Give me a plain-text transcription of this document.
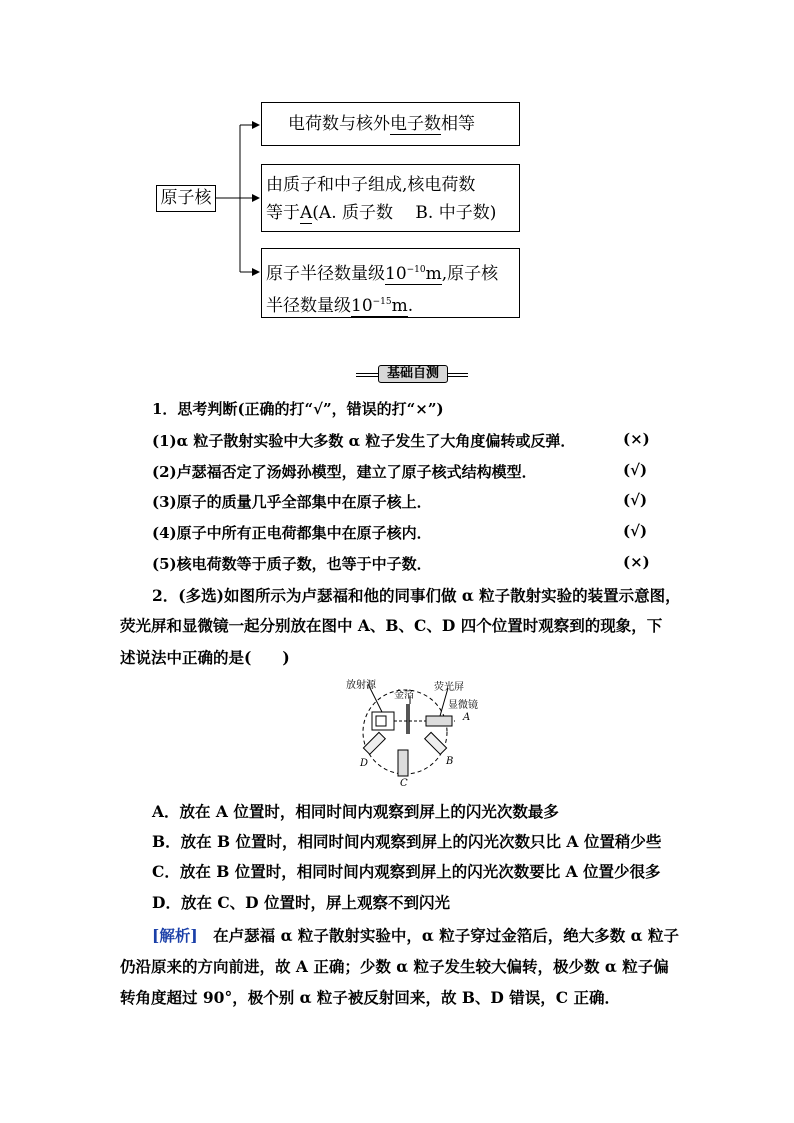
原子核
电荷数与核外电子数相等
由质子和中子组成,核电荷数
等于A(A. 质子数　 B. 中子数)
原子半径数量级$10^{-10}m$,原子核
半径数量级$10^{-15}m$.
基础自测
1．思考判断(正确的打“√”，错误的打“×”)
(1)α 粒子散射实验中大多数 α 粒子发生了大角度偏转或反弹．	(×)
(2)卢瑟福否定了汤姆孙模型，建立了原子核式结构模型．	(√)
(3)原子的质量几乎全部集中在原子核上．	(√)
(4)原子中所有正电荷都集中在原子核内．	(√)
(5)核电荷数等于质子数，也等于中子数．	(×)
2．(多选)如图所示为卢瑟福和他的同事们做 α 粒子散射实验的装置示意图，
荧光屏和显微镜一起分别放在图中 A、B、C、D 四个位置时观察到的现象，下
述说法中正确的是(　　)
放射源
金箔
荧光屏
显微镜
A
B
C
D
A．放在 A 位置时，相同时间内观察到屏上的闪光次数最多
B．放在 B 位置时，相同时间内观察到屏上的闪光次数只比 A 位置稍少些
C．放在 B 位置时，相同时间内观察到屏上的闪光次数要比 A 位置少很多
D．放在 C、D 位置时，屏上观察不到闪光
[解析]　在卢瑟福 α 粒子散射实验中，α 粒子穿过金箔后，绝大多数 α 粒子
仍沿原来的方向前进，故 A 正确；少数 α 粒子发生较大偏转，极少数 α 粒子偏
转角度超过 90°，极个别 α 粒子被反射回来，故 B、D 错误，C 正确．
